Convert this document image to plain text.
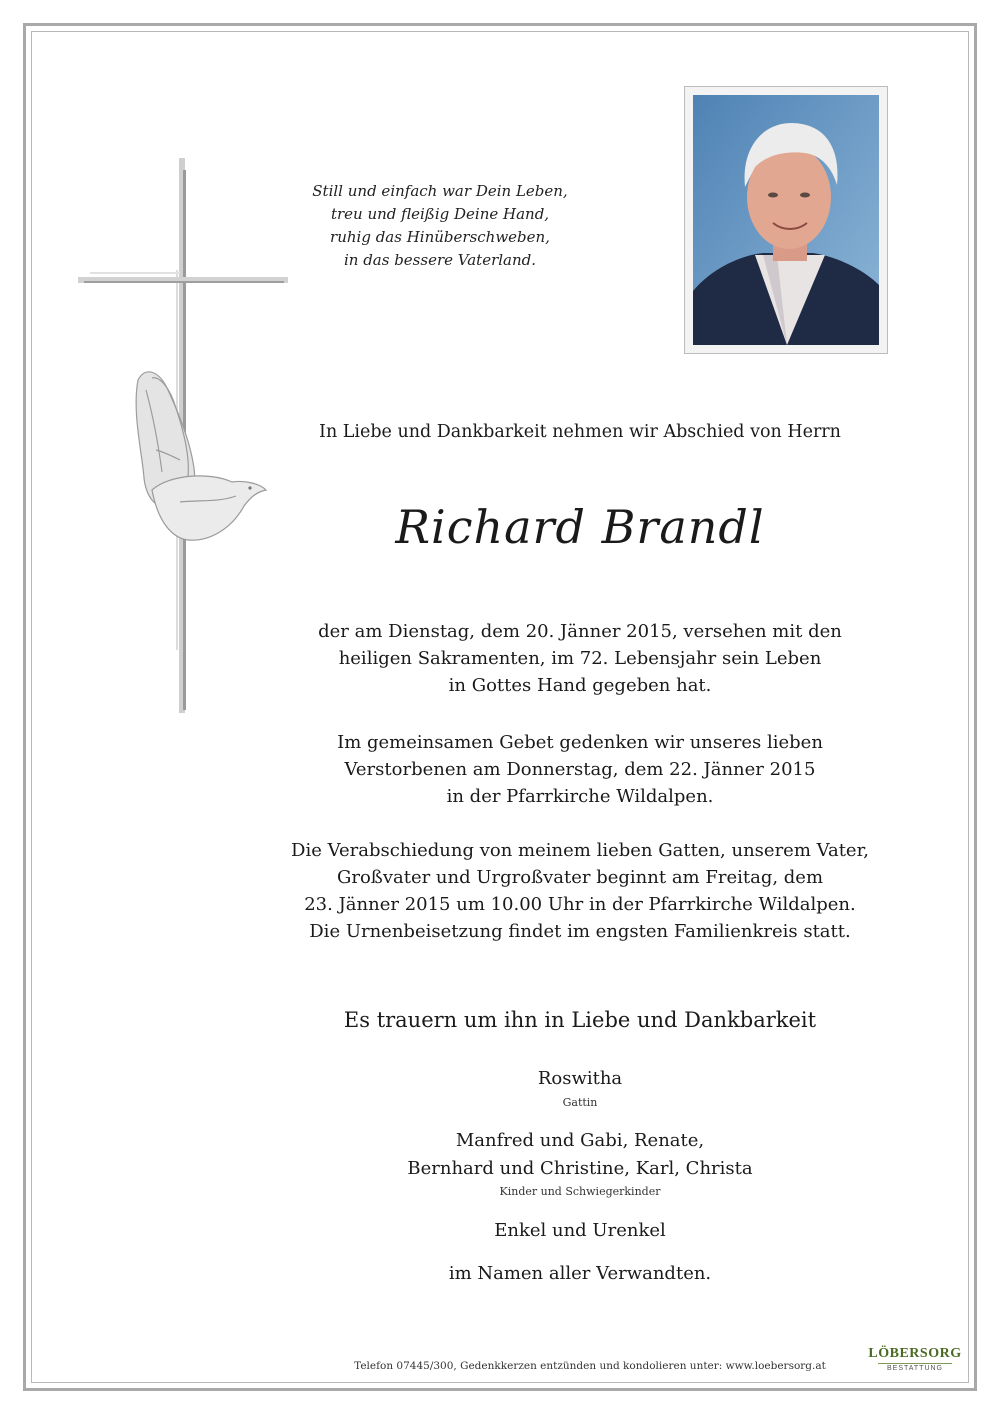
Still und einfach war Dein Leben,
treu und fleißig Deine Hand,
ruhig das Hinüberschweben,
in das bessere Vaterland.
In Liebe und Dankbarkeit nehmen wir Abschied von Herrn
Richard Brandl
der am Dienstag, dem 20. Jänner 2015, versehen mit den
heiligen Sakramenten, im 72. Lebensjahr sein Leben
in Gottes Hand gegeben hat.
Im gemeinsamen Gebet gedenken wir unseres lieben
Verstorbenen am Donnerstag, dem 22. Jänner 2015
in der Pfarrkirche Wildalpen.
Die Verabschiedung von meinem lieben Gatten, unserem Vater,
Großvater und Urgroßvater beginnt am Freitag, dem
23. Jänner 2015 um 10.00 Uhr in der Pfarrkirche Wildalpen.
Die Urnenbeisetzung findet im engsten Familienkreis statt.
Es trauern um ihn in Liebe und Dankbarkeit
Roswitha
Gattin
Manfred und Gabi, Renate,
Bernhard und Christine, Karl, Christa
Kinder und Schwiegerkinder
Enkel und Urenkel
im Namen aller Verwandten.
Telefon 07445/300, Gedenkkerzen entzünden und kondolieren unter: www.loebersorg.at
LÖBERSORG
BESTATTUNG
